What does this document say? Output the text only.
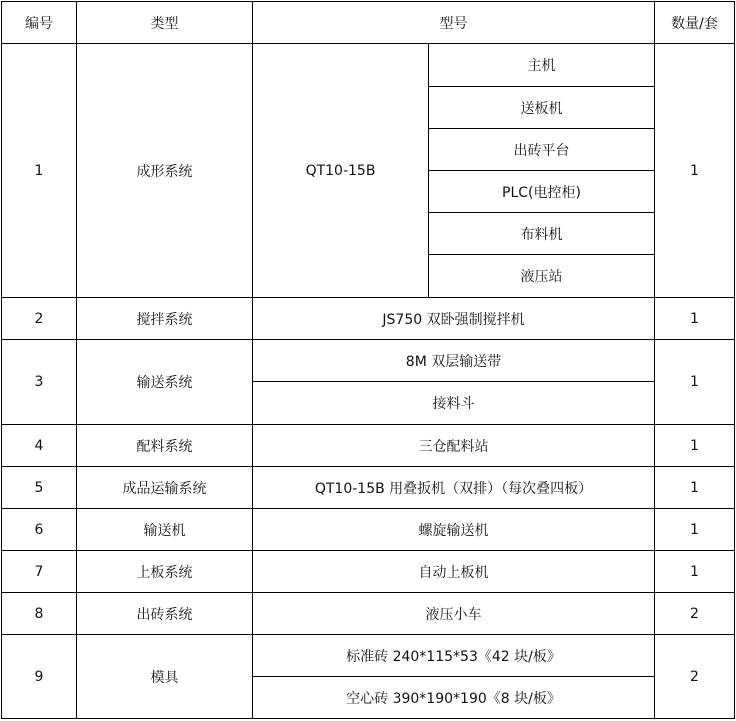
编号	类型	型号		数量/套
1	成形系统	QT10-15B	主机	1
			送板机	
			出砖平台	
			PLC(电控柜)	
			布料机	
			液压站	
2	搅拌系统	JS750 双卧强制搅拌机		1
3	输送系统	8M 双层输送带		1
		接料斗		
4	配料系统	三仓配料站		1
5	成品运输系统	QT10-15B 用叠扳机（双排）（每次叠四板）		1
6	输送机	螺旋输送机		1
7	上板系统	自动上板机		1
8	出砖系统	液压小车		2
9	模具	标准砖 240*115*53《42 块/板》		2
		空心砖 390*190*190《8 块/板》		
